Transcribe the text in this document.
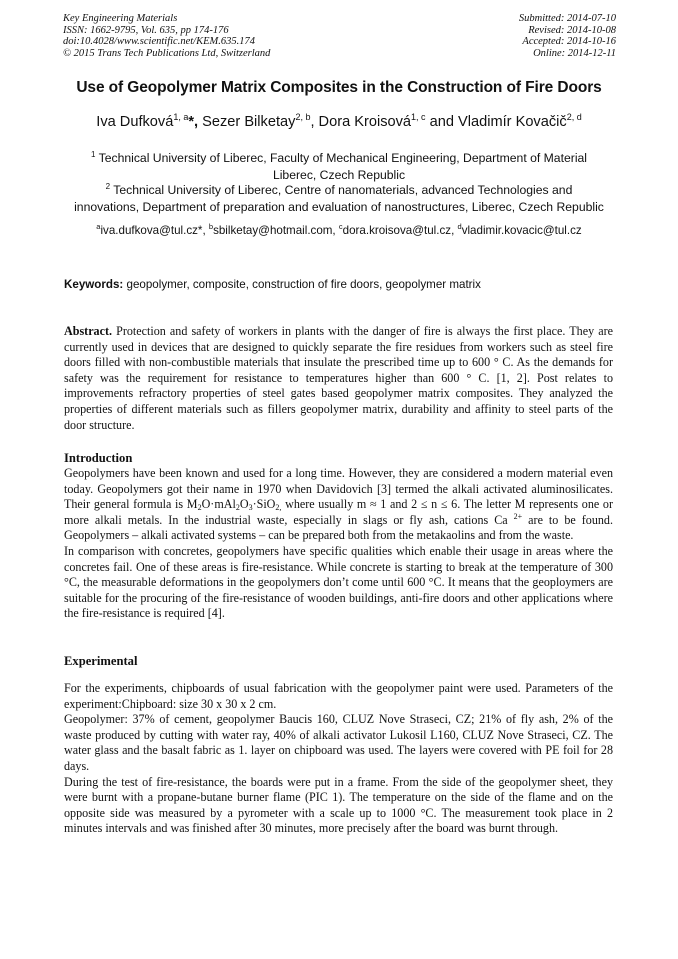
Key Engineering Materials
ISSN: 1662-9795, Vol. 635, pp 174-176
doi:10.4028/www.scientific.net/KEM.635.174
© 2015 Trans Tech Publications Ltd, Switzerland
Submitted: 2014-07-10
Revised: 2014-10-08
Accepted: 2014-10-16
Online: 2014-12-11
Use of Geopolymer Matrix Composites in the Construction of Fire Doors
Iva Dufková$^{1, a}$*, Sezer Bilketay$^{2, b}$, Dora Kroisová$^{1, c}$ and Vladimír Kovačič$^{2, d}$
$^1$ Technical University of Liberec, Faculty of Mechanical Engineering, Department of Material
Liberec, Czech Republic
$^2$ Technical University of Liberec, Centre of nanomaterials, advanced Technologies and
innovations, Department of preparation and evaluation of nanostructures, Liberec, Czech Republic
$^a$iva.dufkova@tul.cz*, $^b$sbilketay@hotmail.com, $^c$dora.kroisova@tul.cz, $^d$vladimir.kovacic@tul.cz
Keywords: geopolymer, composite, construction of fire doors, geopolymer matrix

Abstract. Protection and safety of workers in plants with the danger of fire is always the first place. They are currently used in devices that are designed to quickly separate the fire residues from workers such as steel fire doors filled with non-combustible materials that insulate the prescribed time up to 600 ° C. As the demands for safety was the requirement for resistance to temperatures higher than 600 ° C. [1, 2]. Post relates to improvements refractory properties of steel gates based geopolymer matrix composites. They analyzed the properties of different materials such as fillers geopolymer matrix, durability and affinity to steel parts of the door structure.

Introduction

Geopolymers have been known and used for a long time. However, they are considered a modern material even today. Geopolymers got their name in 1970 when Davidovich [3] termed the alkali activated aluminosilicates. Their general formula is $M_2O\cdot mAl_2O_3\cdot SiO_{2,}$ where usually m ≈ 1 and 2 ≤ n ≤ 6. The letter M represents one or more alkali metals. In the industrial waste, especially in slags or fly ash, cations Ca $^{2+}$ are to be found. Geopolymers – alkali activated systems – can be prepared both from the metakaolins and from the waste.

In comparison with concretes, geopolymers have specific qualities which enable their usage in areas where the concretes fail. One of these areas is fire-resistance. While concrete is starting to break at the temperature of 300 °C, the measurable deformations in the geopolymers don’t come until 600 °C. It means that the geoploymers are suitable for the procuring of the fire-resistance of wooden buildings, anti-fire doors and other applications where the fire-resistance is required [4].

Experimental

For the experiments, chipboards of usual fabrication with the geopolymer paint were used. Parameters of the experiment:Chipboard: size 30 x 30 x 2 cm.

Geopolymer: 37% of cement, geopolymer Baucis 160, CLUZ Nove Straseci, CZ; 21% of fly ash, 2% of the waste produced by cutting with water ray, 40% of alkali activator Lukosil L160, CLUZ Nove Straseci, CZ. The water glass and the basalt fabric as 1. layer on chipboard was used. The layers were covered with PE foil for 28 days.

During the test of fire-resistance, the boards were put in a frame. From the side of the geopolymer sheet, they were burnt with a propane-butane burner flame (PIC 1). The temperature on the side of the flame and on the opposite side was measured by a pyrometer with a scale up to 1000 °C. The measurement took place in 2 minutes intervals and was finished after 30 minutes, more precisely after the board was burnt through.
